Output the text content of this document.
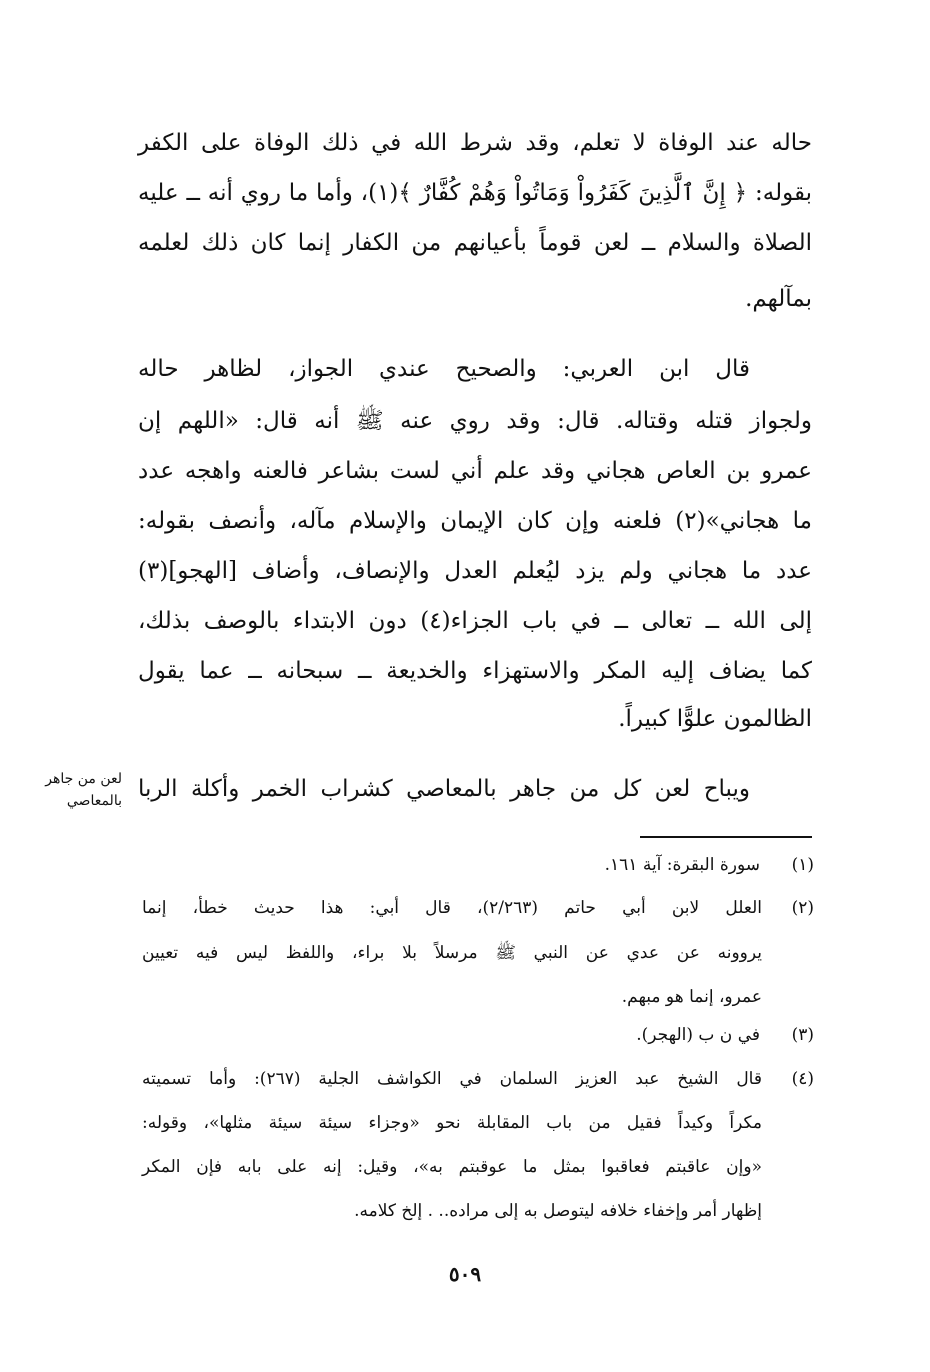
حاله عند الوفاة لا تعلم، وقد شرط الله في ذلك الوفاة على الكفر
بقوله: ﴿ إِنَّ ٱلَّذِينَ كَفَرُواْ وَمَاتُواْ وَهُمْ كُفَّارٌ ﴾(١)، وأما ما روي أنه ــ عليه
الصلاة والسلام ــ لعن قوماً بأعيانهم من الكفار إنما كان ذلك لعلمه
بمآلهم.
قال ابن العربي: والصحيح عندي الجواز، لظاهر حاله
ولجواز قتله وقتاله. قال: وقد روي عنه ﷺ أنه قال: «اللهم إن
عمرو بن العاص هجاني وقد علم أني لست بشاعر فالعنه واهجه عدد
ما هجاني»(٢) فلعنه وإن كان الإيمان والإسلام مآله، وأنصف بقوله:
عدد ما هجاني ولم يزد ليُعلم العدل والإنصاف، وأضاف [الهجو](٣)
إلى الله ــ تعالى ــ في باب الجزاء(٤) دون الابتداء بالوصف بذلك،
كما يضاف إليه المكر والاستهزاء والخديعة ــ سبحانه ــ عما يقول
الظالمون علوًّا كبيراً.
ويباح لعن كل من جاهر بالمعاصي كشراب الخمر وأكلة الربا
لعن من جاهر
بالمعاصي
(١)
سورة البقرة: آية ١٦١.
(٢)
العلل لابن أبي حاتم (٢/٢٦٣)، قال أبي: هذا حديث خطأ، إنما
يروونه عن عدي عن النبي ﷺ مرسلاً بلا براء، واللفظ ليس فيه تعيين
عمرو، إنما هو مبهم.
(٣)
في ن ب (الهجر).
(٤)
قال الشيخ عبد العزيز السلمان في الكواشف الجلية (٢٦٧): وأما تسميته
مكراً وكيداً فقيل من باب المقابلة نحو «وجزاء سيئة سيئة مثلها»، وقوله:
«وإن عاقبتم فعاقبوا بمثل ما عوقبتم به»، وقيل: إنه على بابه فإن المكر
إظهار أمر وإخفاء خلافه ليتوصل به إلى مراده.. . إلخ كلامه.
٥٠٩
